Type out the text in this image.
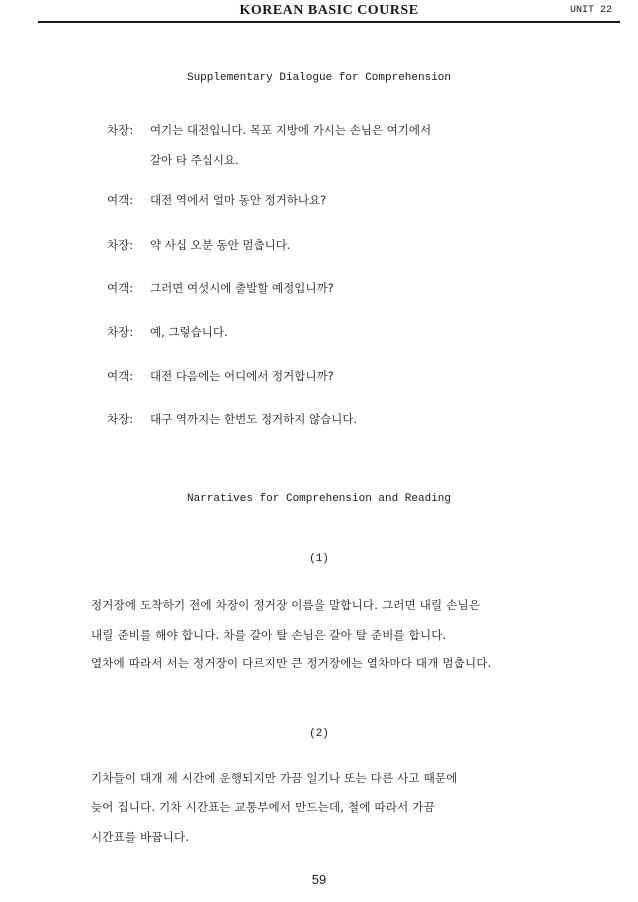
KOREAN BASIC COURSE	UNIT 22
Supplementary Dialogue for Comprehension
차장: 여기는 대전입니다. 목포 지방에 가시는 손님은 여기에서
갈아 타 주십시요.
여객: 대전 역에서 얼마 동안 정거하나요?
차장: 약 사십 오분 동안 멈춥니다.
여객: 그러면 여섯시에 출발할 예정입니까?
차장: 예, 그렇습니다.
여객: 대전 다음에는 어디에서 정거합니까?
차장: 대구 역까지는 한번도 정거하지 않습니다.
Narratives for Comprehension and Reading
(1)
정거장에 도착하기 전에 차장이 정거장 이름을 말합니다. 그러면 내릴 손님은
내릴 준비를 해야 합니다. 차를 갈아 탈 손님은 갈아 탈 준비를 합니다.
열차에 따라서 서는 정거장이 다르지만 큰 정거장에는 열차마다 대개 멈춥니다.
(2)
기차들이 대개 제 시간에 운행되지만 가끔 일기나 또는 다른 사고 때문에
늦어 집니다. 기차 시간표는 교통부에서 만드는데, 철에 따라서 가끔
시간표를 바꿉니다.
59
